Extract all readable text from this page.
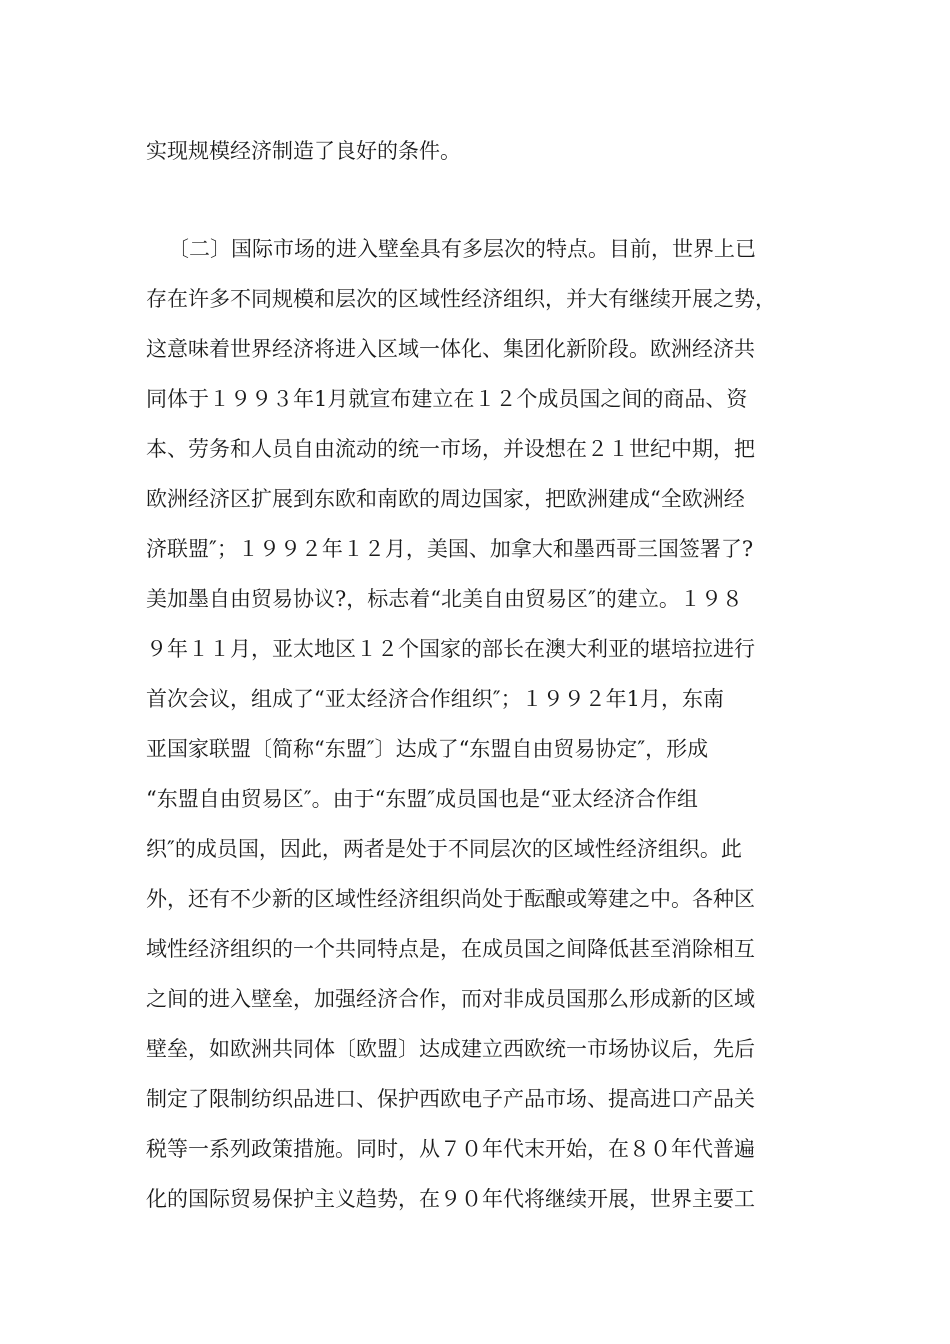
实现规模经济制造了良好的条件。
〔二〕国际市场的进入壁垒具有多层次的特点。目前，世界上已
存在许多不同规模和层次的区域性经济组织，并大有继续开展之势，
这意味着世界经济将进入区域一体化、集团化新阶段。欧洲经济共
同体于１９９３年1月就宣布建立在１２个成员国之间的商品、资
本、劳务和人员自由流动的统一市场，并设想在２１世纪中期，把
欧洲经济区扩展到东欧和南欧的周边国家，把欧洲建成“全欧洲经
济联盟″；１９９２年１２月，美国、加拿大和墨西哥三国签署了?
美加墨自由贸易协议?，标志着“北美自由贸易区″的建立。１９８
９年１１月，亚太地区１２个国家的部长在澳大利亚的堪培拉进行
首次会议，组成了“亚太经济合作组织″；１９９２年1月，东南
亚国家联盟〔简称“东盟″〕达成了“东盟自由贸易协定″，形成
“东盟自由贸易区″。由于“东盟″成员国也是“亚太经济合作组
织″的成员国，因此，两者是处于不同层次的区域性经济组织。此
外，还有不少新的区域性经济组织尚处于酝酿或筹建之中。各种区
域性经济组织的一个共同特点是，在成员国之间降低甚至消除相互
之间的进入壁垒，加强经济合作，而对非成员国那么形成新的区域
壁垒，如欧洲共同体〔欧盟〕达成建立西欧统一市场协议后，先后
制定了限制纺织品进口、保护西欧电子产品市场、提高进口产品关
税等一系列政策措施。同时，从７０年代末开始，在８０年代普遍
化的国际贸易保护主义趋势，在９０年代将继续开展，世界主要工
